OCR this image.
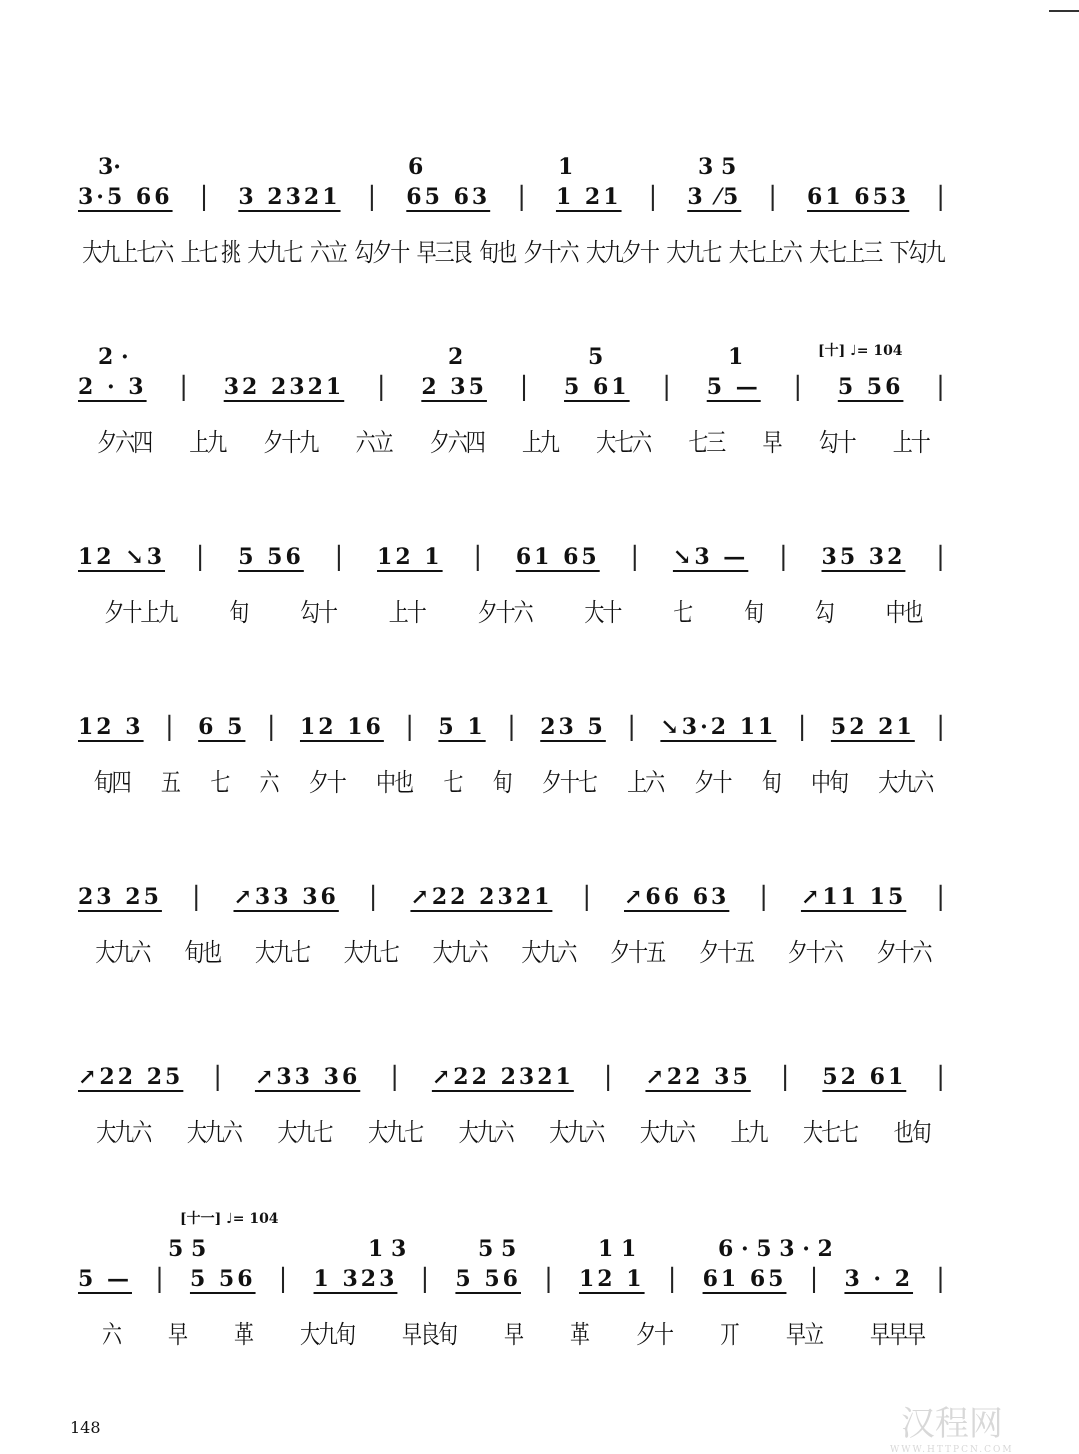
[十] ♩= 104
[十一] ♩= 104
3·	6	1	3 5
3·5 66 | 3 2321 | 65 63 | 1 21 | 3 ⁄5 | 61 653 |
大九上七六 上七 挑 大九七 六立 勾夕十 早三艮 旬也 夕十六 大九夕十 大九七 大七上六 大七上三 下勾九
2 ·	2	5	1
2 · 3 | 32 2321 | 2 35 | 5 61 | 5 — | 5 56 |
夕六四 上九 夕十九 六立 夕六四 上九 大七六 七三 早 勾十 上十
12 ↘3 | 5 56 | 12 1 | 61 65 | ↘3 — | 35 32 |
夕十上九	旬	勾十	上十	夕十六	大十	七	旬	勾	中也
12 3 | 6 5 | 12 16 | 5 1 | 23 5 | ↘3·2 11 | 52 21 |
旬四 五 七 六 夕十 中也 七 旬 夕十七 上六 夕十 旬 中旬 大九六
23 25 | ↗33 36 | ↗22 2321 | ↗66 63 | ↗11 15 |
大九六 旬也 大九七 大九七 大九六 大九六 夕十五 夕十五 夕十六 夕十六
↗22 25 | ↗33 36 | ↗22 2321 | ↗22 35 | 52 61 |
大九六 大九六 大九七 大九七 大九六 大九六 大九六 上九 大七七 也旬
5 5	1 3	5 5	1 1	6 · 5 3 · 2
5 — | 5 56 | 1 323 | 5 56 | 12 1 | 61 65 | 3 · 2 |
六 早 革 大九旬 早良旬 早 革 夕十 丌 早立 早早早
148	汉程网
WWW.HTTPCN.COM
